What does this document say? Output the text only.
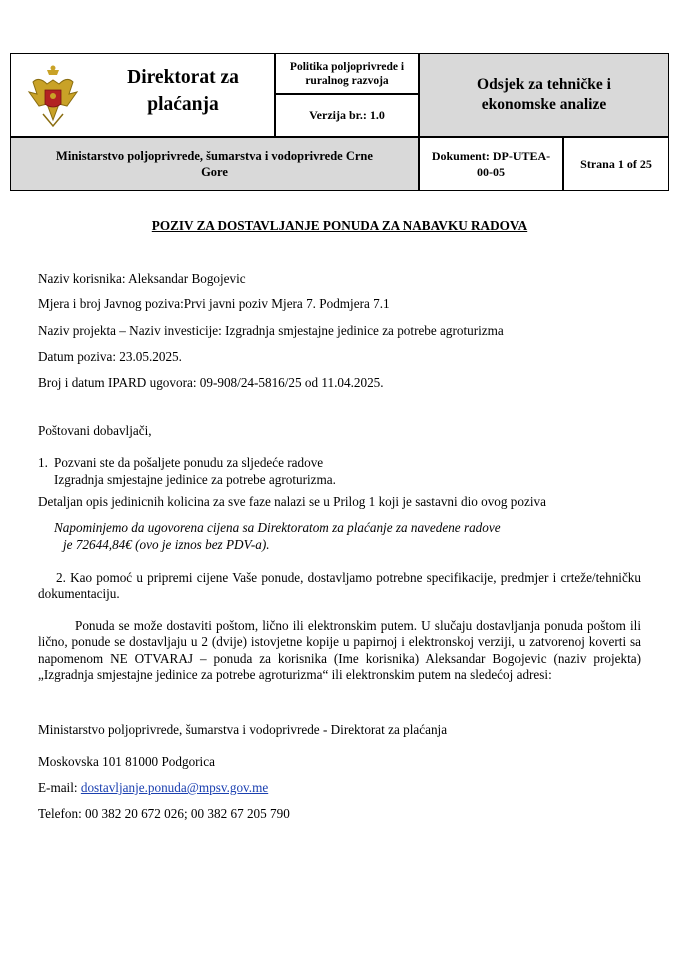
Direktorat za
plaćanja
Politika poljoprivrede i
ruralnog razvoja
Verzija br.: 1.0
Odsjek za tehničke i
ekonomske analize
Ministarstvo poljoprivrede, šumarstva i vodoprivrede Crne
Gore
Dokument: DP-UTEA-
00-05
Strana 1 of 25
POZIV ZA DOSTAVLJANJE PONUDA ZA NABAVKU RADOVA
Naziv korisnika: Aleksandar Bogojevic
Mjera i broj Javnog poziva:Prvi javni poziv Mjera 7. Podmjera 7.1
Naziv projekta – Naziv investicije: Izgradnja smjestajne jedinice za potrebe agroturizma
Datum poziva: 23.05.2025.
Broj i datum IPARD ugovora: 09-908/24-5816/25 od 11.04.2025.
Poštovani dobavljači,
1. Pozvani ste da pošaljete ponudu za sljedeće radove
Izgradnja smjestajne jedinice za potrebe agroturizma.
Detaljan opis jedinicnih kolicina za sve faze nalazi se u Prilog 1 koji je sastavni dio ovog poziva
Napominjemo da ugovorena cijena sa Direktoratom za plaćanje za navedene radove
je 72644,84€ (ovo je iznos bez PDV-a).
2. Kao pomoć u pripremi cijene Vaše ponude, dostavljamo potrebne specifikacije, predmjer i crteže/tehničku dokumentaciju.
Ponuda se može dostaviti poštom, lično ili elektronskim putem. U slučaju dostavljanja ponuda poštom ili lično, ponude se dostavljaju u 2 (dvije) istovjetne kopije u papirnoj i elektronskoj verziji, u zatvorenoj koverti sa napomenom NE OTVARAJ – ponuda za korisnika (Ime korisnika) Aleksandar Bogojevic (naziv projekta) „Izgradnja smjestajne jedinice za potrebe agroturizma“ ili elektronskim putem na sledećoj adresi:
Ministarstvo poljoprivrede, šumarstva i vodoprivrede - Direktorat za plaćanja
Moskovska 101 81000 Podgorica
E-mail: dostavljanje.ponuda@mpsv.gov.me
Telefon: 00 382 20 672 026; 00 382 67 205 790
